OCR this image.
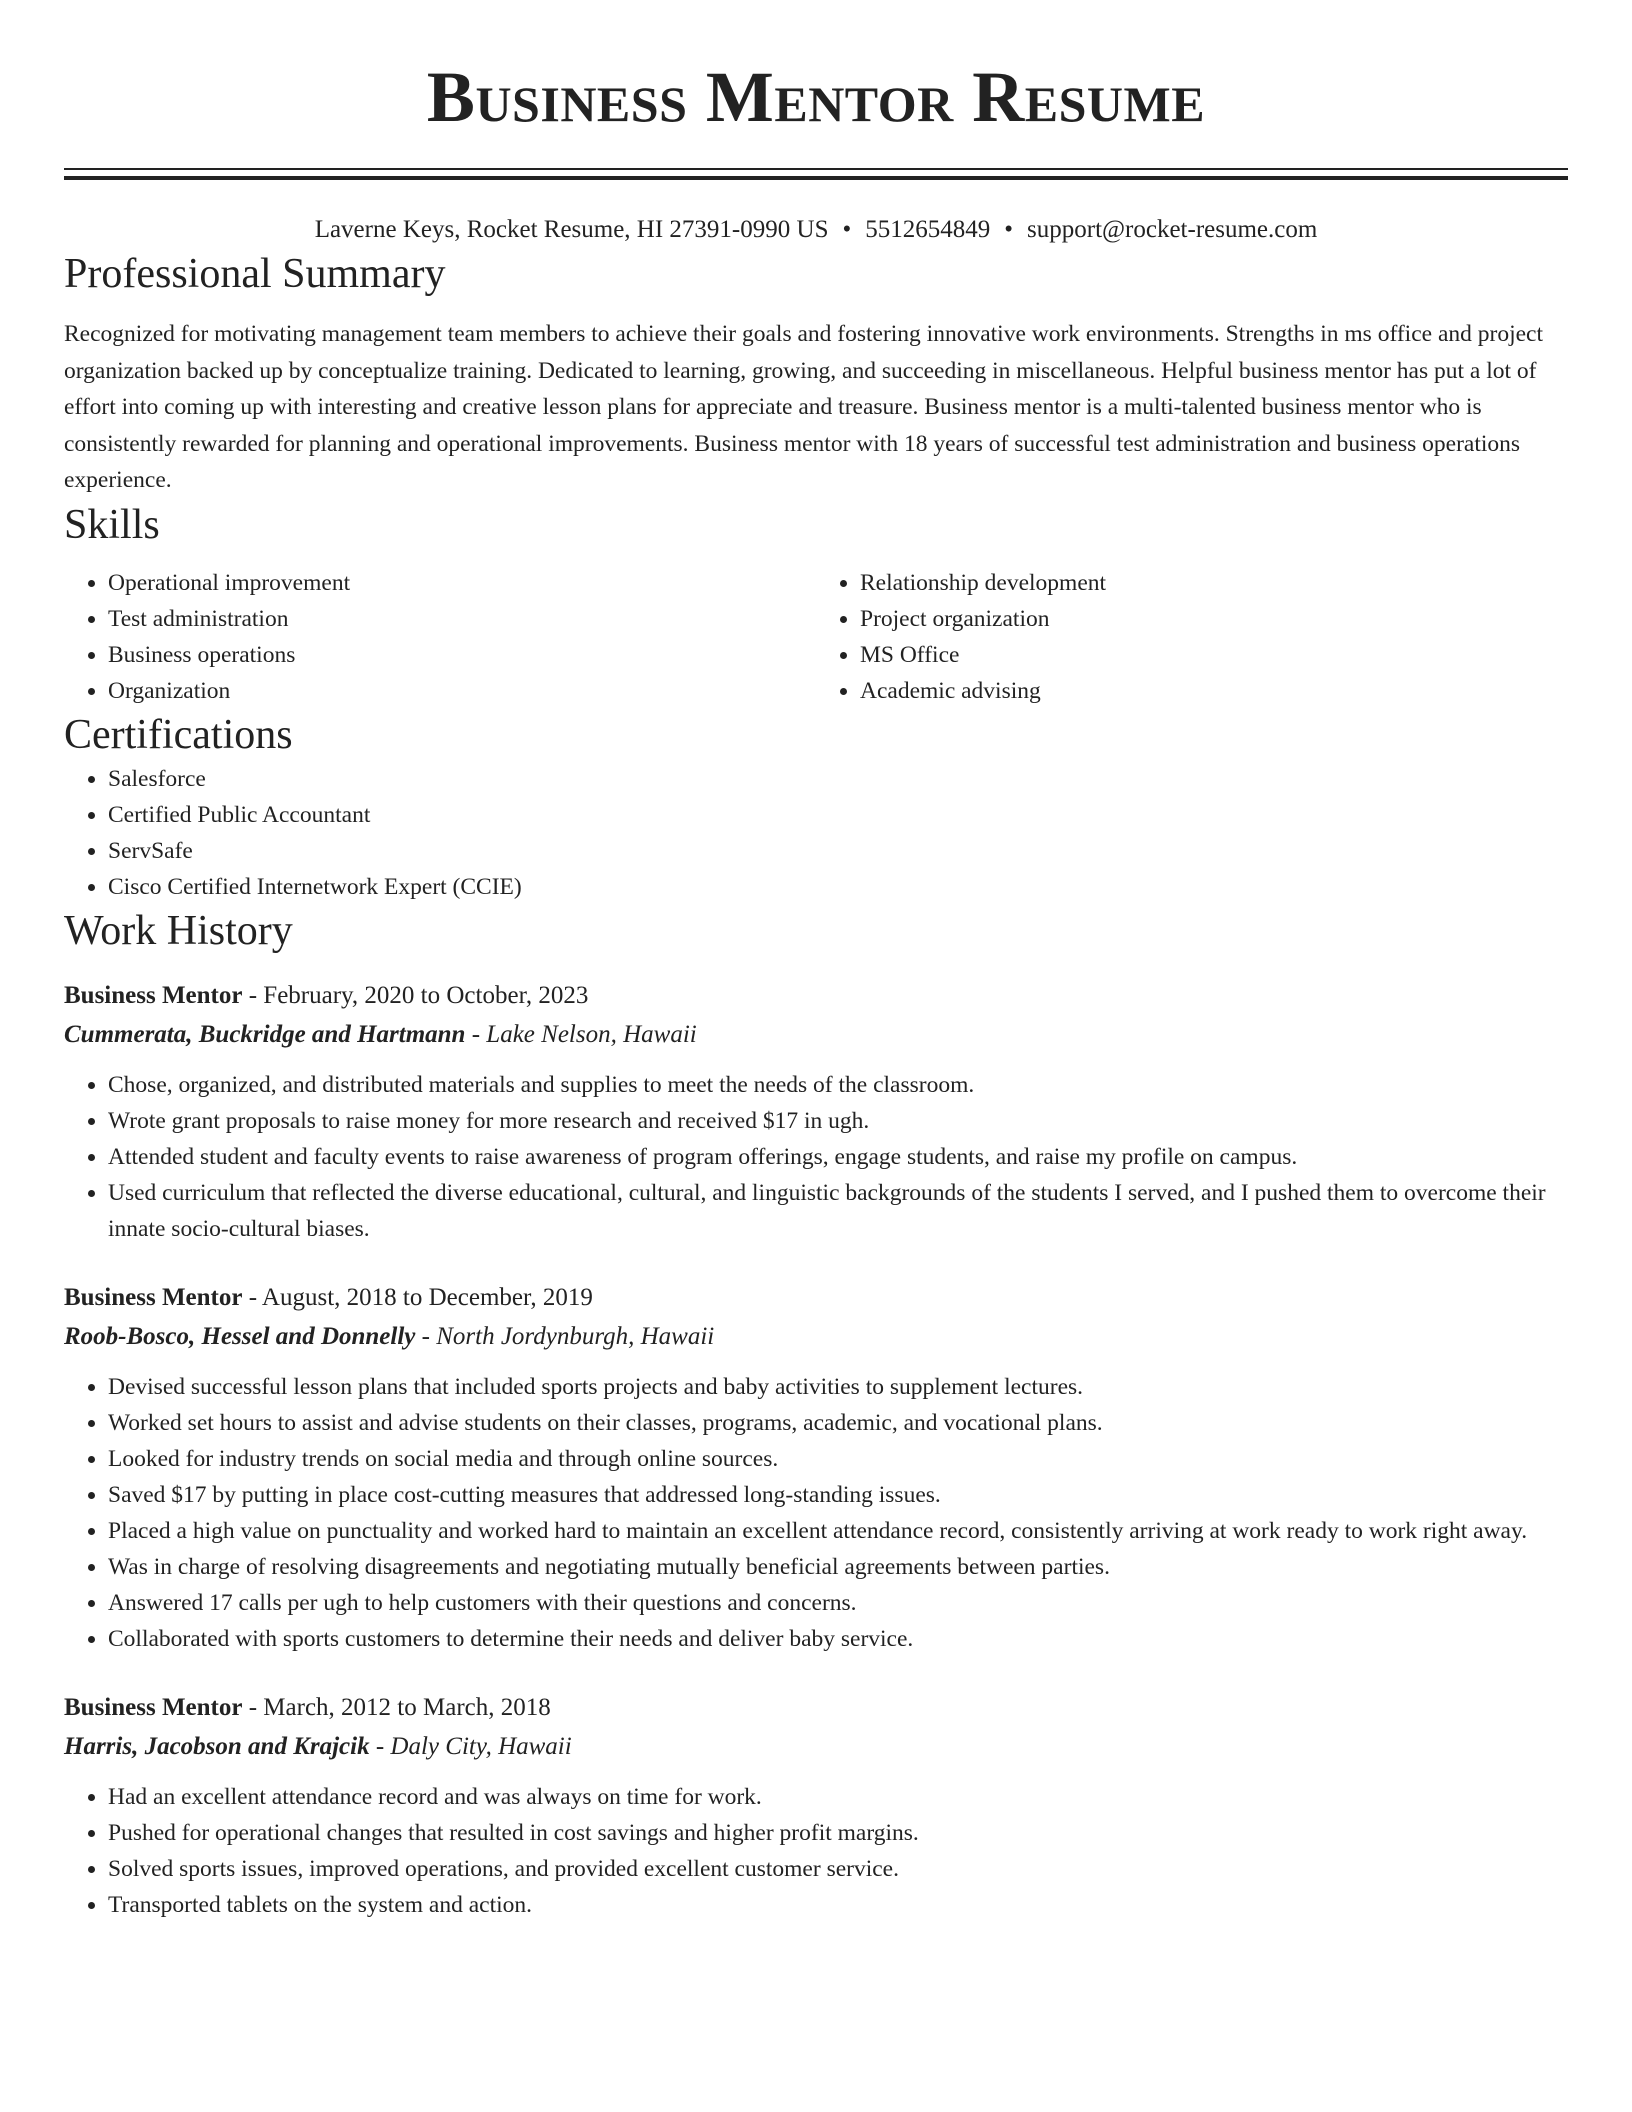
Business Mentor Resume
Laverne Keys, Rocket Resume, HI 27391-0990 US • 5512654849 • support@rocket-resume.com
Professional Summary

Recognized for motivating management team members to achieve their goals and fostering innovative work environments. Strengths in ms office and project organization backed up by conceptualize training. Dedicated to learning, growing, and succeeding in miscellaneous. Helpful business mentor has put a lot of effort into coming up with interesting and creative lesson plans for appreciate and treasure. Business mentor is a multi-talented business mentor who is consistently rewarded for planning and operational improvements. Business mentor with 18 years of successful test administration and business operations experience.

Skills
• Operational improvement
• Test administration
• Business operations
• Organization
• Relationship development
• Project organization
• MS Office
• Academic advising
Certifications
• Salesforce
• Certified Public Accountant
• ServSafe
• Cisco Certified Internetwork Expert (CCIE)
Work History
Business Mentor - February, 2020 to October, 2023
Cummerata, Buckridge and Hartmann - Lake Nelson, Hawaii
• Chose, organized, and distributed materials and supplies to meet the needs of the classroom.
• Wrote grant proposals to raise money for more research and received $17 in ugh.
• Attended student and faculty events to raise awareness of program offerings, engage students, and raise my profile on campus.
• Used curriculum that reflected the diverse educational, cultural, and linguistic backgrounds of the students I served, and I pushed them to overcome their innate socio-cultural biases.
Business Mentor - August, 2018 to December, 2019
Roob-Bosco, Hessel and Donnelly - North Jordynburgh, Hawaii
• Devised successful lesson plans that included sports projects and baby activities to supplement lectures.
• Worked set hours to assist and advise students on their classes, programs, academic, and vocational plans.
• Looked for industry trends on social media and through online sources.
• Saved $17 by putting in place cost-cutting measures that addressed long-standing issues.
• Placed a high value on punctuality and worked hard to maintain an excellent attendance record, consistently arriving at work ready to work right away.
• Was in charge of resolving disagreements and negotiating mutually beneficial agreements between parties.
• Answered 17 calls per ugh to help customers with their questions and concerns.
• Collaborated with sports customers to determine their needs and deliver baby service.
Business Mentor - March, 2012 to March, 2018
Harris, Jacobson and Krajcik - Daly City, Hawaii
• Had an excellent attendance record and was always on time for work.
• Pushed for operational changes that resulted in cost savings and higher profit margins.
• Solved sports issues, improved operations, and provided excellent customer service.
• Transported tablets on the system and action.
